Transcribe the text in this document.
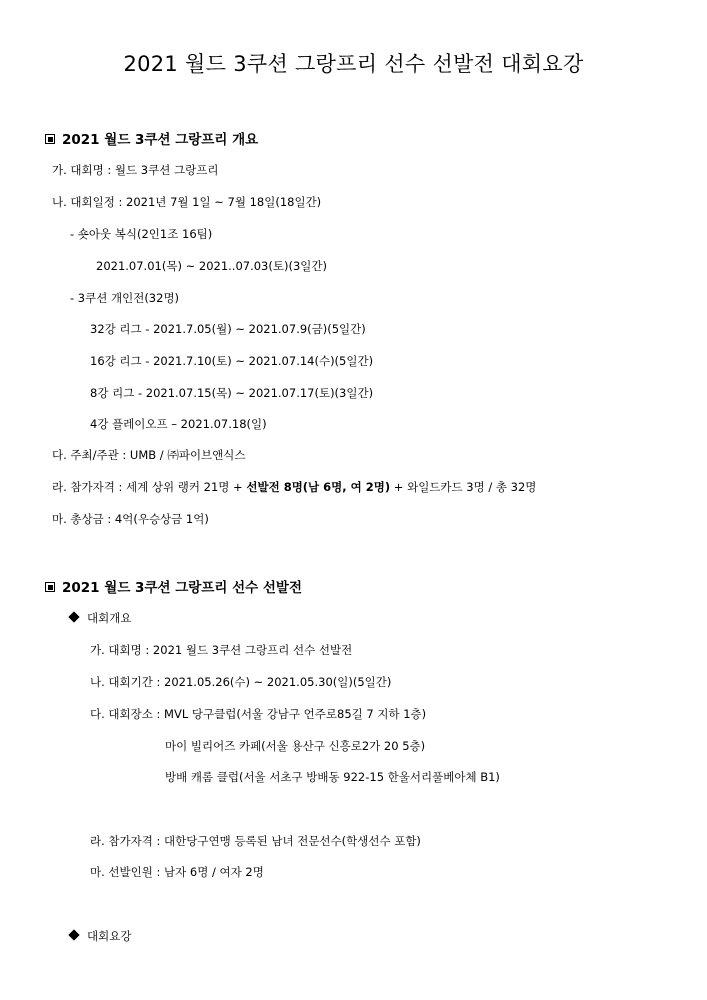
2021 월드 3쿠션 그랑프리 선수 선발전 대회요강
2021 월드 3쿠션 그랑프리 개요
가. 대회명 : 월드 3쿠션 그랑프리
나. 대회일정 : 2021년 7월 1일 ~ 7월 18일(18일간)
- 숏아웃 복식(2인1조 16팀)
2021.07.01(목) ~ 2021..07.03(토)(3일간)
- 3쿠션 개인전(32명)
32강 리그 - 2021.7.05(월) ~ 2021.07.9(금)(5일간)
16강 리그 - 2021.7.10(토) ~ 2021.07.14(수)(5일간)
8강 리그 - 2021.07.15(목) ~ 2021.07.17(토)(3일간)
4강 플레이오프 – 2021.07.18(일)
다. 주최/주관 : UMB / ㈜파이브앤식스
라. 참가자격 : 세계 상위 랭커 21명 + 선발전 8명(남 6명, 여 2명) + 와일드카드 3명 / 총 32명
마. 총상금 : 4억(우승상금 1억)
2021 월드 3쿠션 그랑프리 선수 선발전
대회개요
가. 대회명 : 2021 월드 3쿠션 그랑프리 선수 선발전
나. 대회기간 : 2021.05.26(수) ~ 2021.05.30(일)(5일간)
다. 대회장소 : MVL 당구클럽(서울 강남구 언주로85길 7 지하 1층)
마이 빌리어즈 카페(서울 용산구 신흥로2가 20 5층)
방배 캐롬 클럽(서울 서초구 방배동 922-15 한울서리풀베아체 B1)
라. 참가자격 : 대한당구연맹 등록된 남녀 전문선수(학생선수 포함)
마. 선발인원 : 남자 6명 / 여자 2명
대회요강
